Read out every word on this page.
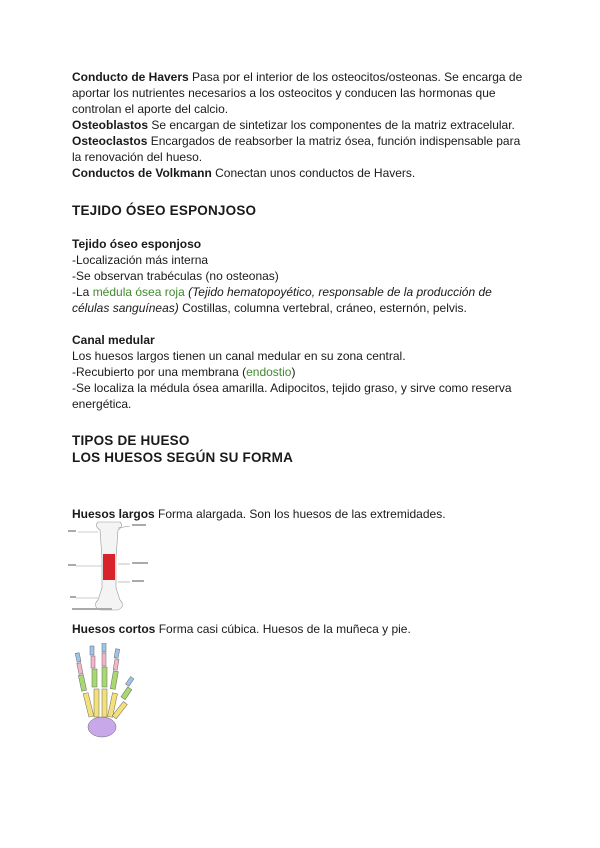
Conducto de Havers Pasa por el interior de los osteocitos/osteonas. Se encarga de
aportar los nutrientes necesarios a los osteocitos y conducen las hormonas que
controlan el aporte del calcio.

Osteoblastos Se encargan de sintetizar los componentes de la matriz extracelular.

Osteoclastos Encargados de reabsorber la matriz ósea, función indispensable para
la renovación del hueso.

Conductos de Volkmann Conectan unos conductos de Havers.

TEJIDO ÓSEO ESPONJOSO

Tejido óseo esponjoso

-Localización más interna

-Se observan trabéculas (no osteonas)

-La médula ósea roja (Tejido hematopoyético, responsable de la producción de
células sanguíneas) Costillas, columna vertebral, cráneo, esternón, pelvis.

Canal medular

Los huesos largos tienen un canal medular en su zona central.

-Recubierto por una membrana (endostio)

-Se localiza la médula ósea amarilla. Adipocitos, tejido graso, y sirve como reserva
energética.

TIPOS DE HUESO

LOS HUESOS SEGÚN SU FORMA

Huesos largos Forma alargada. Son los huesos de las extremidades.

Huesos cortos Forma casi cúbica. Huesos de la muñeca y pie.
